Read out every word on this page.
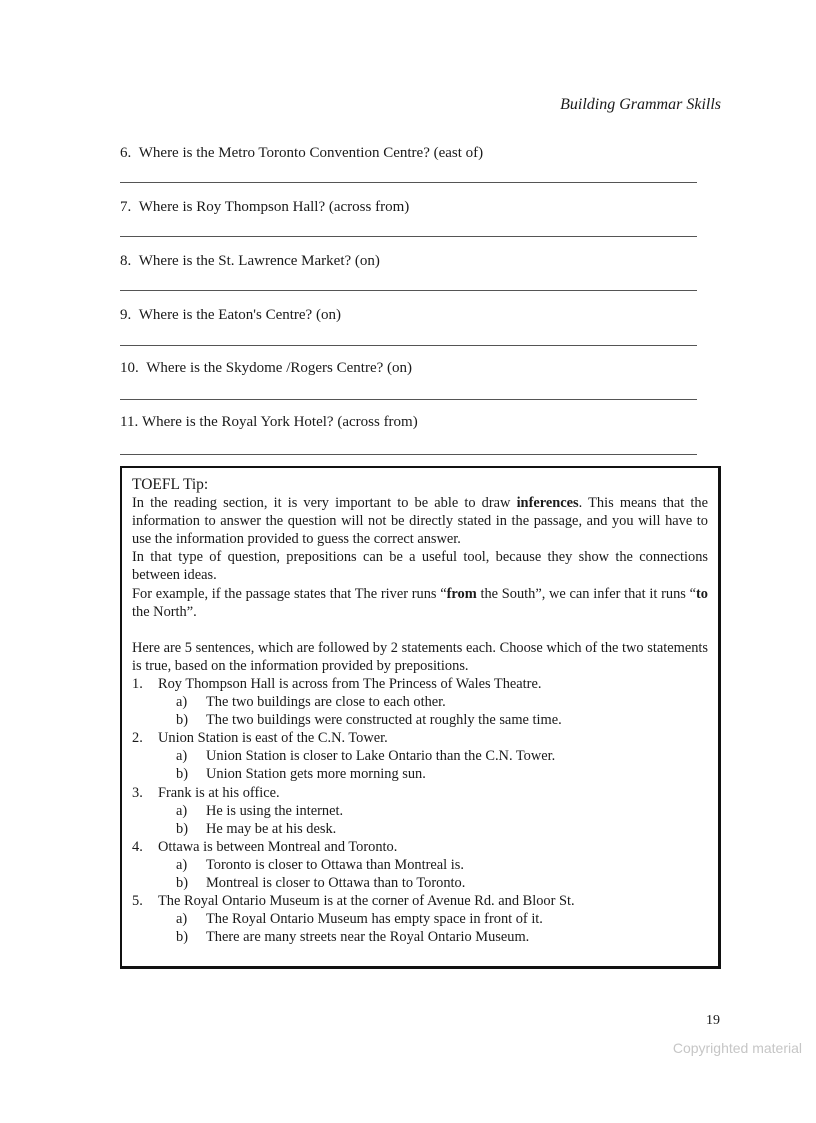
Building Grammar Skills
6. Where is the Metro Toronto Convention Centre? (east of)
7. Where is Roy Thompson Hall? (across from)
8. Where is the St. Lawrence Market? (on)
9. Where is the Eaton's Centre? (on)
10. Where is the Skydome /Rogers Centre? (on)
11. Where is the Royal York Hotel? (across from)
TOEFL Tip:
In the reading section, it is very important to be able to draw inferences. This means that the information to answer the question will not be directly stated in the passage, and you will have to use the information provided to guess the correct answer.
In that type of question, prepositions can be a useful tool, because they show the connections between ideas.
For example, if the passage states that The river runs “from the South”, we can infer that it runs “to the North”.
Here are 5 sentences, which are followed by 2 statements each. Choose which of the two statements is true, based on the information provided by prepositions.
1. Roy Thompson Hall is across from The Princess of Wales Theatre.
a) The two buildings are close to each other.
b) The two buildings were constructed at roughly the same time.
2. Union Station is east of the C.N. Tower.
a) Union Station is closer to Lake Ontario than the C.N. Tower.
b) Union Station gets more morning sun.
3. Frank is at his office.
a) He is using the internet.
b) He may be at his desk.
4. Ottawa is between Montreal and Toronto.
a) Toronto is closer to Ottawa than Montreal is.
b) Montreal is closer to Ottawa than to Toronto.
5. The Royal Ontario Museum is at the corner of Avenue Rd. and Bloor St.
a) The Royal Ontario Museum has empty space in front of it.
b) There are many streets near the Royal Ontario Museum.
19
Copyrighted material
